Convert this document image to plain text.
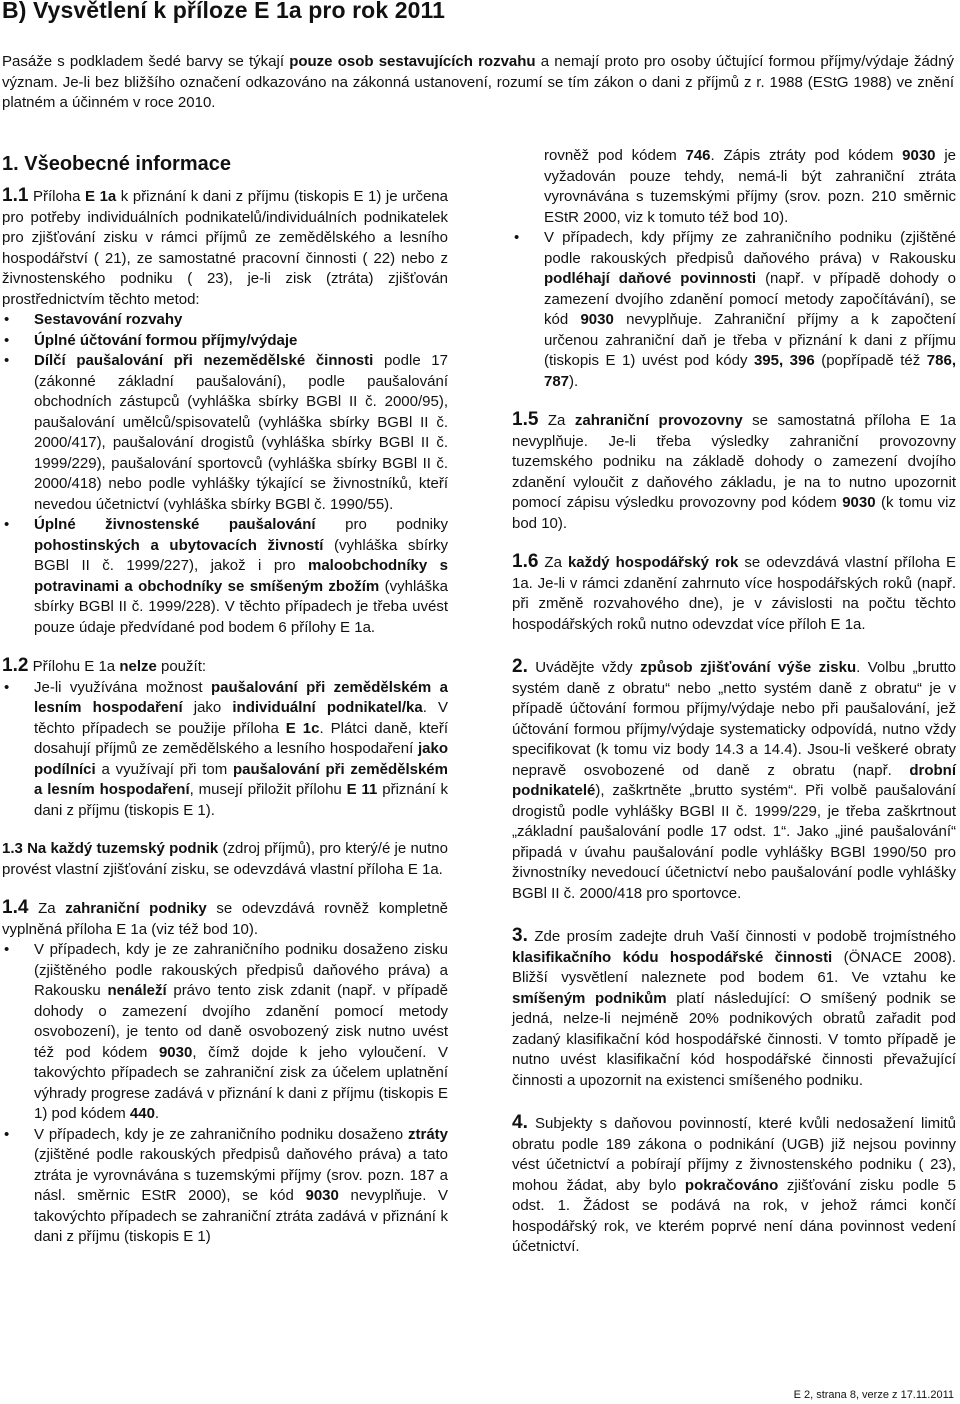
B) Vysvětlení k příloze E 1a pro rok 2011

Pasáže s podkladem šedé barvy se týkají pouze osob sestavujících rozvahu a nemají proto pro osoby účtující formou příjmy/výdaje žádný význam. Je-li bez bližšího označení odkazováno na zákonná ustanovení, rozumí se tím zákon o dani z příjmů z r. 1988 (EStG 1988) ve znění platném a účinném v roce 2010.

1. Všeobecné informace

1.1 Příloha E 1a k přiznání k dani z příjmu (tiskopis E 1) je určena pro potřeby individuálních podnikatelů/individuálních podnikatelek pro zjišťování zisku v rámci příjmů ze zemědělského a lesního hospodářství ( 21), ze samostatné pracovní činnosti ( 22) nebo z živnostenského podniku ( 23), je-li zisk (ztráta) zjišťován prostřednictvím těchto metod:

• Sestavování rozvahy
• Úplné účtování formou příjmy/výdaje
• Dílčí paušalování při nezemědělské činnosti podle 17 (zákonné základní paušalování), podle paušalování obchodních zástupců (vyhláška sbírky BGBl II č. 2000/95), paušalování umělců/spisovatelů (vyhláška sbírky BGBl II č. 2000/417), paušalování drogistů (vyhláška sbírky BGBl II č. 1999/229), paušalování sportovců (vyhláška sbírky BGBl II č. 2000/418) nebo podle vyhlášky týkající se živnostníků, kteří nevedou účetnictví (vyhláška sbírky BGBl č. 1990/55).
• Úplné živnostenské paušalování pro podniky pohostinských a ubytovacích živností (vyhláška sbírky BGBl II č. 1999/227), jakož i pro maloobchodníky s potravinami a obchodníky se smíšeným zbožím (vyhláška sbírky BGBl II č. 1999/228). V těchto případech je třeba uvést pouze údaje předvídané pod bodem 6 přílohy E 1a.

1.2 Přílohu E 1a nelze použít:

• Je-li využívána možnost paušalování při zemědělském a lesním hospodaření jako individuální podnikatel/ka. V těchto případech se použije příloha E 1c. Plátci daně, kteří dosahují příjmů ze zemědělského a lesního hospodaření jako podílníci a využívají při tom paušalování při zemědělském a lesním hospodaření, musejí přiložit přílohu E 11 přiznání k dani z příjmu (tiskopis E 1).

1.3 Na každý tuzemský podnik (zdroj příjmů), pro který/é je nutno provést vlastní zjišťování zisku, se odevzdává vlastní příloha E 1a.

1.4 Za zahraniční podniky se odevzdává rovněž kompletně vyplněná příloha E 1a (viz též bod 10).

• V případech, kdy je ze zahraničního podniku dosaženo zisku (zjištěného podle rakouských předpisů daňového práva) a Rakousku nenáleží právo tento zisk zdanit (např. v případě dohody o zamezení dvojího zdanění pomocí metody osvobození), je tento od daně osvobozený zisk nutno uvést též pod kódem 9030, čímž dojde k jeho vyloučení. V takovýchto případech se zahraniční zisk za účelem uplatnění výhrady progrese zadává v přiznání k dani z příjmu (tiskopis E 1) pod kódem 440.
• V případech, kdy je ze zahraničního podniku dosaženo ztráty (zjištěné podle rakouských předpisů daňového práva) a tato ztráta je vyrovnávána s tuzemskými příjmy (srov. pozn. 187 a násl. směrnic EStR 2000), se kód 9030 nevyplňuje. V takovýchto případech se zahraniční ztráta zadává v přiznání k dani z příjmu (tiskopis E 1)

rovněž pod kódem 746. Zápis ztráty pod kódem 9030 je vyžadován pouze tehdy, nemá-li být zahraniční ztráta vyrovnávána s tuzemskými příjmy (srov. pozn. 210 směrnic EStR 2000, viz k tomuto též bod 10).

• V případech, kdy příjmy ze zahraničního podniku (zjištěné podle rakouských předpisů daňového práva) v Rakousku podléhají daňové povinnosti (např. v případě dohody o zamezení dvojího zdanění pomocí metody započítávání), se kód 9030 nevyplňuje. Zahraniční příjmy a k započtení určenou zahraniční daň je třeba v přiznání k dani z příjmu (tiskopis E 1) uvést pod kódy 395, 396 (popřípadě též 786, 787).

1.5 Za zahraniční provozovny se samostatná příloha E 1a nevyplňuje. Je-li třeba výsledky zahraniční provozovny tuzemského podniku na základě dohody o zamezení dvojího zdanění vyloučit z daňového základu, je na to nutno upozornit pomocí zápisu výsledku provozovny pod kódem 9030 (k tomu viz bod 10).

1.6 Za každý hospodářský rok se odevzdává vlastní příloha E 1a. Je-li v rámci zdanění zahrnuto více hospodářských roků (např. při změně rozvahového dne), je v závislosti na počtu těchto hospodářských roků nutno odevzdat více příloh E 1a.

2. Uvádějte vždy způsob zjišťování výše zisku. Volbu „brutto systém daně z obratu“ nebo „netto systém daně z obratu“ je v případě účtování formou příjmy/výdaje nebo při paušalování, jež účtování formou příjmy/výdaje systematicky odpovídá, nutno vždy specifikovat (k tomu viz body 14.3 a 14.4). Jsou-li veškeré obraty nepravě osvobozené od daně z obratu (např. drobní podnikatelé), zaškrtněte „brutto systém“. Při volbě paušalování drogistů podle vyhlášky BGBl II č. 1999/229, je třeba zaškrtnout „základní paušalování podle 17 odst. 1“. Jako „jiné paušalování“ připadá v úvahu paušalování podle vyhlášky BGBl 1990/50 pro živnostníky nevedoucí účetnictví nebo paušalování podle vyhlášky BGBl II č. 2000/418 pro sportovce.

3. Zde prosím zadejte druh Vaší činnosti v podobě trojmístného klasifikačního kódu hospodářské činnosti (ÖNACE 2008). Bližší vysvětlení naleznete pod bodem 61. Ve vztahu ke smíšeným podnikům platí následující: O smíšený podnik se jedná, nelze-li nejméně 20% podnikových obratů zařadit pod zadaný klasifikační kód hospodářské činnosti. V tomto případě je nutno uvést klasifikační kód hospodářské činnosti převažující činnosti a upozornit na existenci smíšeného podniku.

4. Subjekty s daňovou povinností, které kvůli nedosažení limitů obratu podle 189 zákona o podnikání (UGB) již nejsou povinny vést účetnictví a pobírají příjmy z živnostenského podniku ( 23), mohou žádat, aby bylo pokračováno zjišťování zisku podle 5 odst. 1. Žádost se podává na rok, v jehož rámci končí hospodářský rok, ve kterém poprvé není dána povinnost vedení účetnictví.

E 2, strana 8, verze z 17.11.2011
